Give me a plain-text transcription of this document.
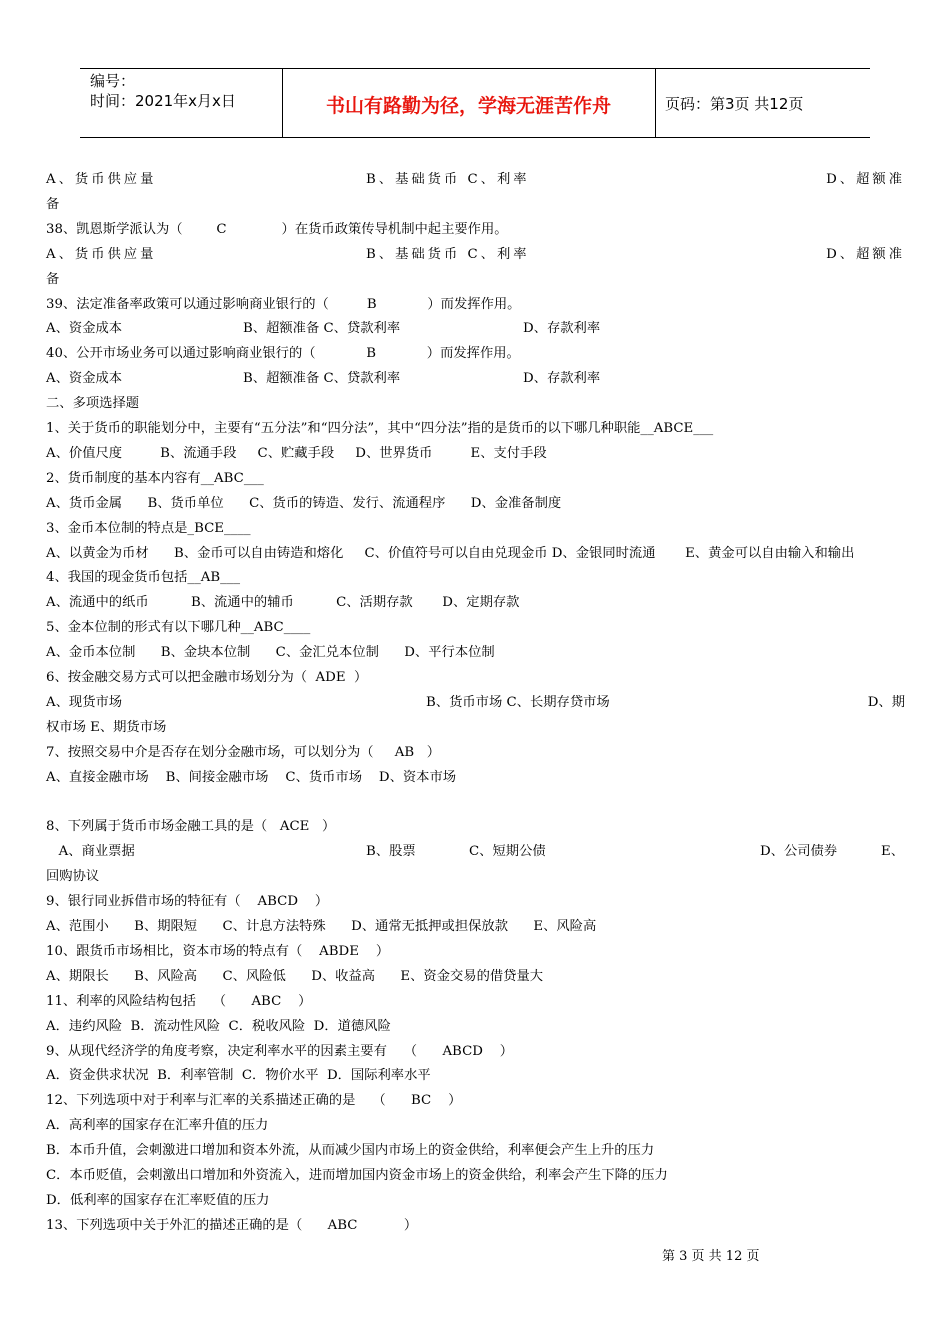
编号：
时间：2021年x月x日	书山有路勤为径，学海无涯苦作舟	页码：第3页 共12页
A、货币供应量	B、基础货币 C、利率	D、超额准
备
38、凯恩斯学派认为（        C             ）在货币政策传导机制中起主要作用。
A、货币供应量	B、基础货币 C、利率	D、超额准
备
39、法定准备率政策可以通过影响商业银行的（         B            ）而发挥作用。
A、资金成本	B、超额准备 C、贷款利率	D、存款利率
40、公开市场业务可以通过影响商业银行的（            B            ）而发挥作用。
A、资金成本	B、超额准备 C、贷款利率	D、存款利率
二、多项选择题
1、关于货币的职能划分中，主要有“五分法”和“四分法”，其中“四分法”指的是货币的以下哪几种职能__ABCE___
A、价值尺度         B、流通手段     C、贮藏手段     D、世界货币         E、支付手段
2、货币制度的基本内容有__ABC___
A、货币金属      B、货币单位      C、货币的铸造、发行、流通程序      D、金准备制度
3、金币本位制的特点是_BCE____
A、以黄金为币材      B、金币可以自由铸造和熔化     C、价值符号可以自由兑现金币 D、金银同时流通       E、黄金可以自由输入和输出
4、我国的现金货币包括__AB___
A、流通中的纸币          B、流通中的辅币          C、活期存款       D、定期存款
5、金本位制的形式有以下哪几种__ABC____
A、金币本位制      B、金块本位制      C、金汇兑本位制      D、平行本位制
6、按金融交易方式可以把金融市场划分为（  ADE  ）
A、现货市场	B、货币市场 C、长期存贷市场	D、期
权市场 E、期货市场
7、按照交易中介是否存在划分金融市场，可以划分为（     AB   ）
A、直接金融市场    B、间接金融市场    C、货币市场    D、资本市场
8、下列属于货币市场金融工具的是（   ACE   ）
A、商业票据	B、股票	C、短期公债	D、公司债券	E、
回购协议
9、银行同业拆借市场的特征有（    ABCD    ）
A、范围小      B、期限短      C、计息方法特殊      D、通常无抵押或担保放款      E、风险高
10、跟货币市场相比，资本市场的特点有（    ABDE    ）
A、期限长      B、风险高      C、风险低      D、收益高      E、资金交易的借贷量大
11、利率的风险结构包括    （      ABC    ）
A．违约风险  B．流动性风险  C．税收风险  D．道德风险
9、从现代经济学的角度考察，决定利率水平的因素主要有    （      ABCD    ）
A．资金供求状况  B．利率管制  C．物价水平  D．国际利率水平
12、下列选项中对于利率与汇率的关系描述正确的是    （      BC    ）
A．高利率的国家存在汇率升值的压力
B．本币升值，会刺激进口增加和资本外流，从而减少国内市场上的资金供给，利率便会产生上升的压力
C．本币贬值，会刺激出口增加和外资流入，进而增加国内资金市场上的资金供给，利率会产生下降的压力
D．低利率的国家存在汇率贬值的压力
13、下列选项中关于外汇的描述正确的是（      ABC           ）
第 3 页 共 12 页
